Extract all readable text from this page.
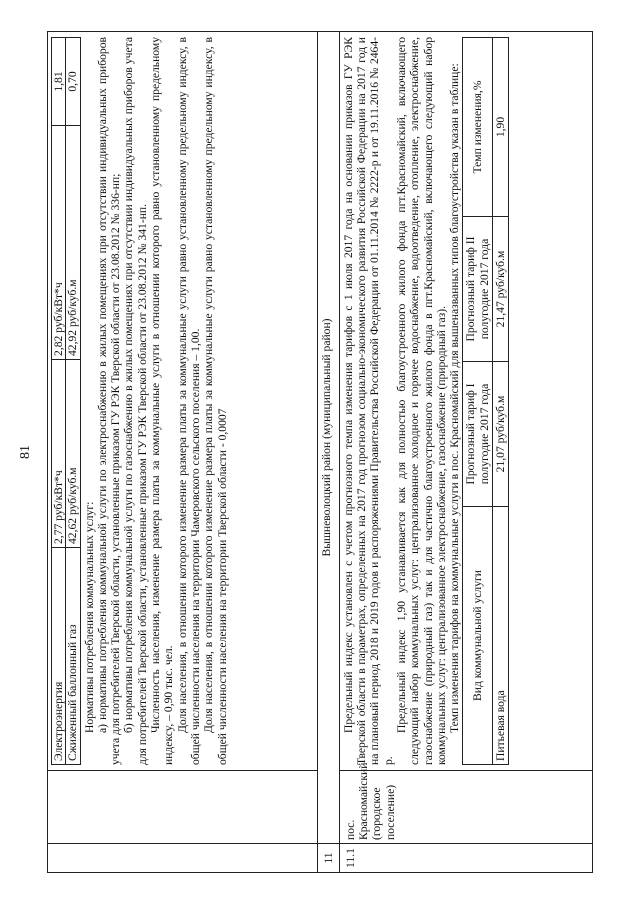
81

Электроэнергия	2,77 руб/кВт*ч	2,82 руб/кВт*ч	1,81
Сжиженный баллонный газ	42,62 руб/куб.м	42,92 руб/куб.м	0,70

Нормативы потребления коммунальных услуг: а) нормативы потребления коммунальной услуги по электроснабжению в жилых помещениях при отсутствии индивидуальных приборов учета для потребителей Тверской области, установленные приказом ГУ РЭК Тверской области от 23.08.2012 № 336-нп; б) нормативы потребления коммунальной услуги по газоснабжению в жилых помещениях при отсутствии индивидуальных приборов учета для потребителей Тверской области, установленные приказом ГУ РЭК Тверской области от 23.08.2012 № 341-нп. Численность населения, изменение размера платы за коммунальные услуги в отношении которого равно установленному предельному индексу, – 0,90 тыс. чел. Доля населения, в отношении которого изменение размера платы за коммунальные услуги равно установленному предельному индексу, в общей численности населения на территории Чамеровского сельского поселения – 1,00. Доля населения, в отношении которого изменение размера платы за коммунальные услуги равно установленному предельному индексу, в общей численности населения на территории Тверской области - 0,0007

11	Вышневолоцкий район (муниципальный район)
11.1	пос. Красномайский (городское поселение)	

Предельный индекс установлен с учетом прогнозного темпа изменения тарифов с 1 июля 2017 года на основании приказов ГУ РЭК Тверской области в параметрах, определенных на 2017 год прогнозом социально-экономического развития Российской Федерации на 2017 год и на плановый период 2018 и 2019 годов и распоряжениями Правительства Российской Федерации от 01.11.2014 № 2222-р и от 19.11.2016 № 2464-р.

Предельный индекс 1,90 устанавливается как для полностью благоустроенного жилого фонда пгт.Красномайский, включающего следующий набор коммунальных услуг: централизованное холодное и горячее водоснабжение, водоотведение, отопление, электроснабжение, газоснабжение (природный газ) так и для частично благоустроенного жилого фонда в пгт.Красномайский, включающего следующий набор коммунальных услуг: централизованное электроснабжение, газоснабжение (природный газ). Темп изменения тарифов на коммунальные услуги в пос. Красномайский для вышеназванных типов благоустройства указан в таблице: Вид коммунальной услуги	Прогнозный тариф I полугодие 2017 года	Прогнозный тариф II полугодие 2017 года	Темп изменения,%
Питьевая вода	21,07 руб/куб.м	21,47 руб/куб.м	1,90
